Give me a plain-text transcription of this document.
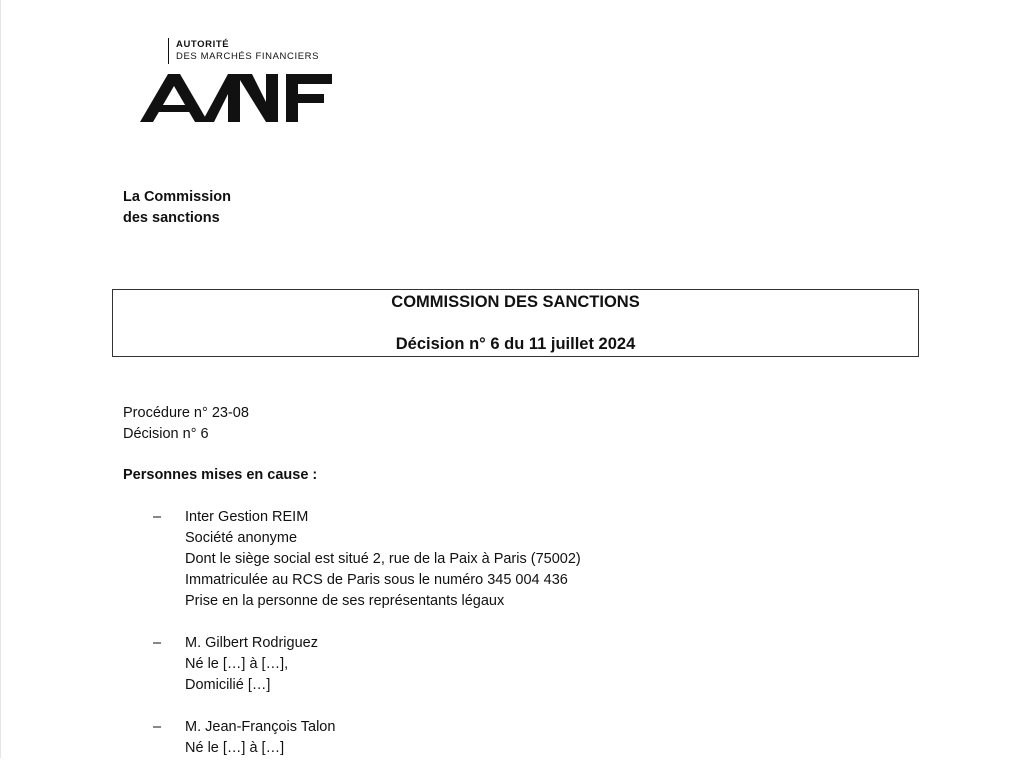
AUTORITÉ
DES MARCHÉS FINANCIERS
La Commission
des sanctions
COMMISSION DES SANCTIONS
Décision n° 6 du 11 juillet 2024
Procédure n° 23-08
Décision n° 6
Personnes mises en cause :
– Inter Gestion REIM
Société anonyme
Dont le siège social est situé 2, rue de la Paix à Paris (75002)
Immatriculée au RCS de Paris sous le numéro 345 004 436
Prise en la personne de ses représentants légaux
– M. Gilbert Rodriguez
Né le […] à […],
Domicilié […]
– M. Jean-François Talon
Né le […] à […]
